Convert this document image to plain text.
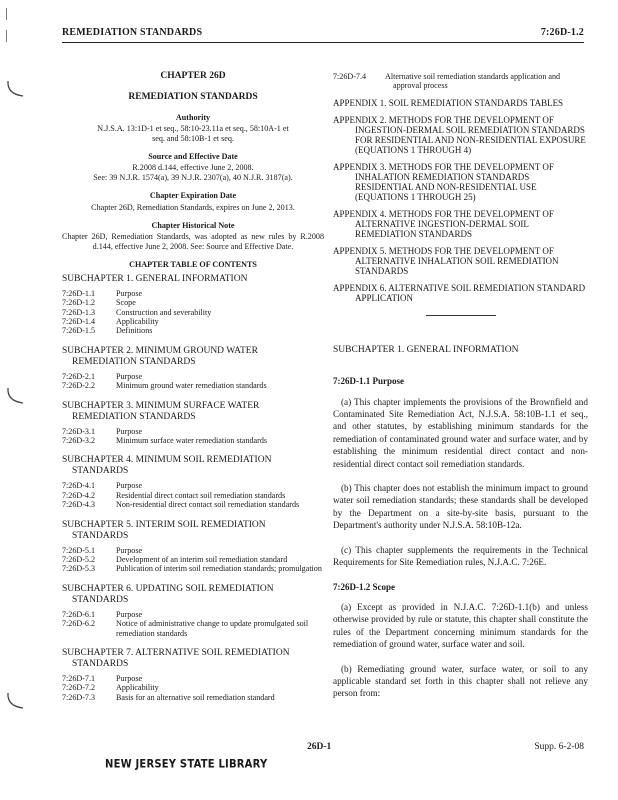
REMEDIATION STANDARDS	7:26D-1.2
CHAPTER 26D
REMEDIATION STANDARDS
Authority
N.J.S.A. 13:1D-1 et seq., 58:10-23.11a et seq., 58:10A-1 et seq. and 58:10B-1 et seq.
Source and Effective Date
R.2008 d.144, effective June 2, 2008.
See: 39 N.J.R. 1574(a), 39 N.J.R. 2307(a), 40 N.J.R. 3187(a).
Chapter Expiration Date
Chapter 26D, Remediation Standards, expires on June 2, 2013.
Chapter Historical Note
Chapter 26D, Remediation Standards, was adopted as new rules by R.2008 d.144, effective June 2, 2008. See: Source and Effective Date.
CHAPTER TABLE OF CONTENTS
SUBCHAPTER 1. GENERAL INFORMATION
7:26D-1.1	Purpose
7:26D-1.2	Scope
7:26D-1.3	Construction and severability
7:26D-1.4	Applicability
7:26D-1.5	Definitions
SUBCHAPTER 2. MINIMUM GROUND WATER REMEDIATION STANDARDS
7:26D-2.1	Purpose
7:26D-2.2	Minimum ground water remediation standards
SUBCHAPTER 3. MINIMUM SURFACE WATER REMEDIATION STANDARDS
7:26D-3.1	Purpose
7:26D-3.2	Minimum surface water remediation standards
SUBCHAPTER 4. MINIMUM SOIL REMEDIATION STANDARDS
7:26D-4.1	Purpose
7:26D-4.2	Residential direct contact soil remediation standards
7:26D-4.3	Non-residential direct contact soil remediation standards
SUBCHAPTER 5. INTERIM SOIL REMEDIATION STANDARDS
7:26D-5.1	Purpose
7:26D-5.2	Development of an interim soil remediation standard
7:26D-5.3	Publication of interim soil remediation standards; promulgation
SUBCHAPTER 6. UPDATING SOIL REMEDIATION STANDARDS
7:26D-6.1	Purpose
7:26D-6.2	Notice of administrative change to update promulgated soil remediation standards
SUBCHAPTER 7. ALTERNATIVE SOIL REMEDIATION STANDARDS
7:26D-7.1	Purpose
7:26D-7.2	Applicability
7:26D-7.3	Basis for an alternative soil remediation standard
7:26D-7.4	Alternative soil remediation standards application and approval process
APPENDIX 1. SOIL REMEDIATION STANDARDS TABLES
APPENDIX 2. METHODS FOR THE DEVELOPMENT OF INGESTION-DERMAL SOIL REMEDIATION STANDARDS FOR RESIDENTIAL AND NON-RESIDENTIAL EXPOSURE (EQUATIONS 1 THROUGH 4)
APPENDIX 3. METHODS FOR THE DEVELOPMENT OF INHALATION REMEDIATION STANDARDS RESIDENTIAL AND NON-RESIDENTIAL USE (EQUATIONS 1 THROUGH 25)
APPENDIX 4. METHODS FOR THE DEVELOPMENT OF ALTERNATIVE INGESTION-DERMAL SOIL REMEDIATION STANDARDS
APPENDIX 5. METHODS FOR THE DEVELOPMENT OF ALTERNATIVE INHALATION SOIL REMEDIATION STANDARDS
APPENDIX 6. ALTERNATIVE SOIL REMEDIATION STANDARD APPLICATION
SUBCHAPTER 1. GENERAL INFORMATION
7:26D-1.1 Purpose

(a) This chapter implements the provisions of the Brownfield and Contaminated Site Remediation Act, N.J.S.A. 58:10B-1.1 et seq., and other statutes, by establishing minimum standards for the remediation of contaminated ground water and surface water, and by establishing the minimum residential direct contact and non-residential direct contact soil remediation standards.

(b) This chapter does not establish the minimum impact to ground water soil remediation standards; these standards shall be developed by the Department on a site-by-site basis, pursuant to the Department's authority under N.J.S.A. 58:10B-12a.

(c) This chapter supplements the requirements in the Technical Requirements for Site Remediation rules, N.J.A.C. 7:26E.

7:26D-1.2 Scope

(a) Except as provided in N.J.A.C. 7:26D-1.1(b) and unless otherwise provided by rule or statute, this chapter shall constitute the rules of the Department concerning minimum standards for the remediation of ground water, surface water and soil.

(b) Remediating ground water, surface water, or soil to any applicable standard set forth in this chapter shall not relieve any person from:

26D-1	Supp. 6-2-08
NEW JERSEY STATE LIBRARY
